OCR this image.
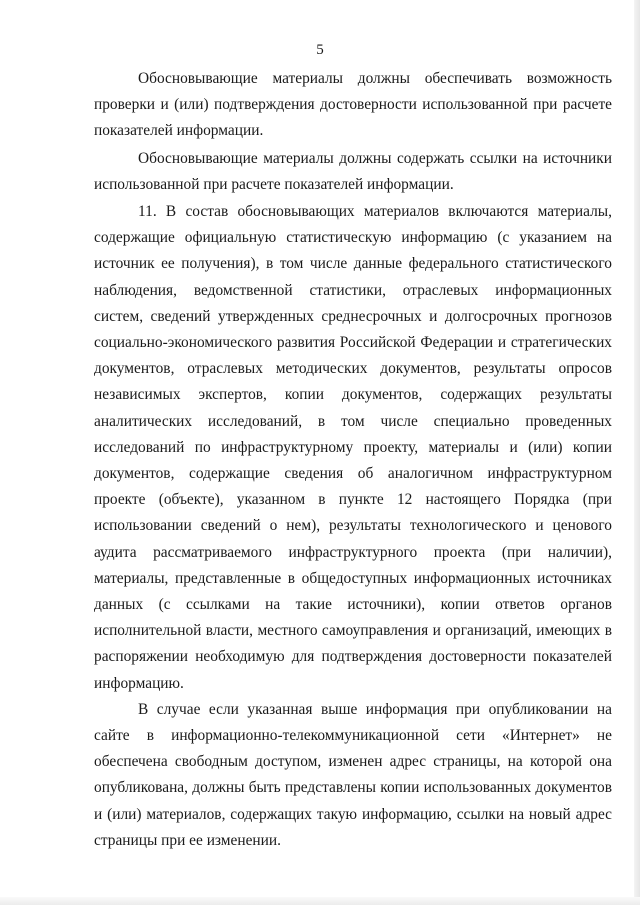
5

Обосновывающие материалы должны обеспечивать возможность проверки и (или) подтверждения достоверности использованной при расчете показателей информации.

Обосновывающие материалы должны содержать ссылки на источники использованной при расчете показателей информации.

11. В состав обосновывающих материалов включаются материалы, содержащие официальную статистическую информацию (с указанием на источник ее получения), в том числе данные федерального статистического наблюдения, ведомственной статистики, отраслевых информационных систем, сведений утвержденных среднесрочных и долгосрочных прогнозов социально-экономического развития Российской Федерации и стратегических документов, отраслевых методических документов, результаты опросов независимых экспертов, копии документов, содержащих результаты аналитических исследований, в том числе специально проведенных исследований по инфраструктурному проекту, материалы и (или) копии документов, содержащие сведения об аналогичном инфраструктурном проекте (объекте), указанном в пункте 12 настоящего Порядка (при использовании сведений о нем), результаты технологического и ценового аудита рассматриваемого инфраструктурного проекта (при наличии), материалы, представленные в общедоступных информационных источниках данных (с ссылками на такие источники), копии ответов органов исполнительной власти, местного самоуправления и организаций, имеющих в распоряжении необходимую для подтверждения достоверности показателей информацию.

В случае если указанная выше информация при опубликовании на сайте в информационно-телекоммуникационной сети «Интернет» не обеспечена свободным доступом, изменен адрес страницы, на которой она опубликована, должны быть представлены копии использованных документов и (или) материалов, содержащих такую информацию, ссылки на новый адрес страницы при ее изменении.
